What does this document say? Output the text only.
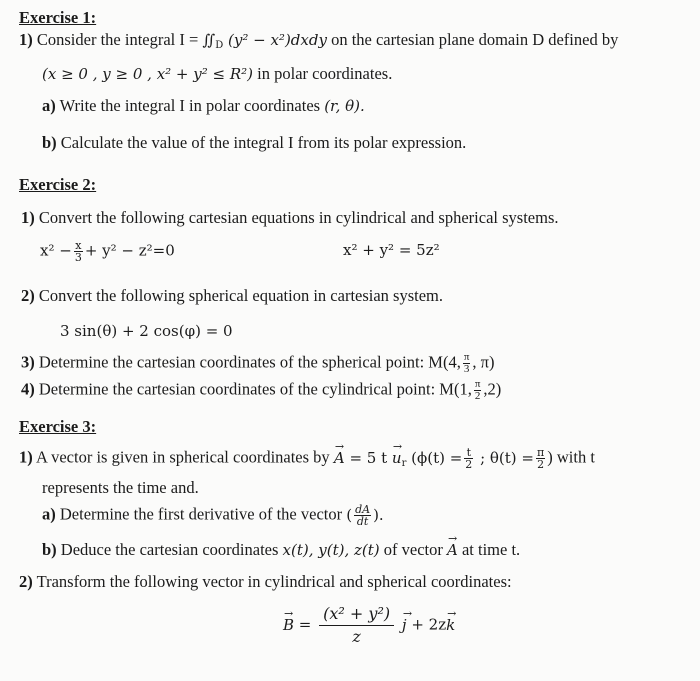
Exercise 1:
1) Consider the integral $I = ∬_D$ (y² − x²)dxdy on the cartesian plane domain D defined by
(x ≥ 0 , y ≥ 0 , x² + y² ≤ R²) in polar coordinates.
a) Write the integral I in polar coordinates (r, θ).
b) Calculate the value of the integral I from its polar expression.
Exercise 2:
1) Convert the following cartesian equations in cylindrical and spherical systems.
$x^2 - \frac{x}{3} + y^2 - z^2=0$	x² + y² = 5z²
2) Convert the following spherical equation in cartesian system.
3 sin(θ) + 2 cos(φ) = 0
3) Determine the cartesian coordinates of the spherical point: M(4, $\frac{\pi}{3}$ , π)
4) Determine the cartesian coordinates of the cylindrical point: M(1, $\frac{\pi}{2} ,2$)
Exercise 3:
1) A vector is given in spherical coordinates by → A = 5 $t \to u_r$ ($\phi(t) = \frac{t}{2}$ ; $\theta(t) = \frac{\pi}{2}$ ) with t
represents the time and.
a) Determine the first derivative of the vector ( $\frac{dA}{dt}$ ).
b) Deduce the cartesian coordinates x(t), y(t), z(t) of vector → A at time t.
2) Transform the following vector in cylindrical and spherical coordinates:
→ $B = \frac{\text{(x² + y²)}}{z}$
→ j + 2z→ k
